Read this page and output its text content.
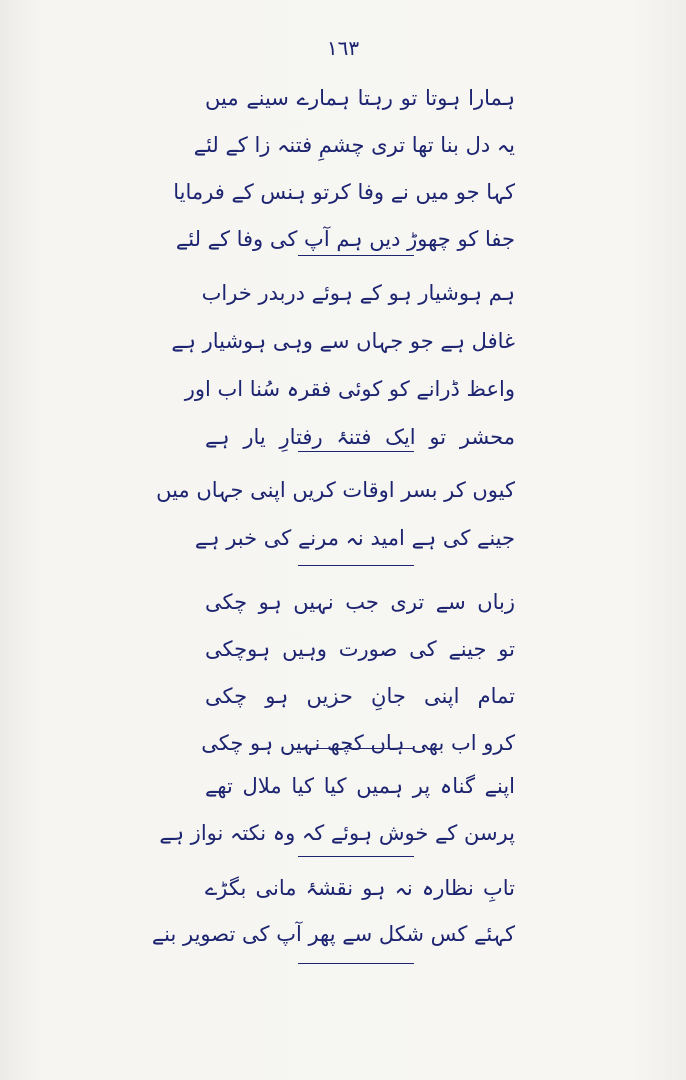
١٦٣
ہمارا ہوتا تو رہتا ہمارے سینے میں
یہ دل بنا تھا تری چشمِ فتنہ زا کے لئے
کہا جو میں نے وفا کرتو ہنس کے فرمایا
جفا کو چھوڑ دیں ہم آپ کی وفا کے لئے
ہم ہوشیار ہو کے ہوئے دربدر خراب
غافل ہے جو جہاں سے وہی ہوشیار ہے
واعظ ڈرانے کو کوئی فقرہ سُنا اب اور
محشر تو ایک فتنۂ رفتارِ یار ہے
کیوں کر بسر اوقات کریں اپنی جہاں میں
جینے کی ہے امید نہ مرنے کی خبر ہے
زباں سے تری جب نہیں ہو چکی
تو جینے کی صورت وہیں ہوچکی
تمام اپنی جانِ حزیں ہو چکی
کرو اب بھی ہاں کچھ نہیں ہو چکی
اپنے گناہ پر ہمیں کیا کیا ملال تھے
پرسن کے خوش ہوئے کہ وہ نکتہ نواز ہے
تابِ نظارہ نہ ہو نقشۂ مانی بگڑے
کہئے کس شکل سے پھر آپ کی تصویر بنے
